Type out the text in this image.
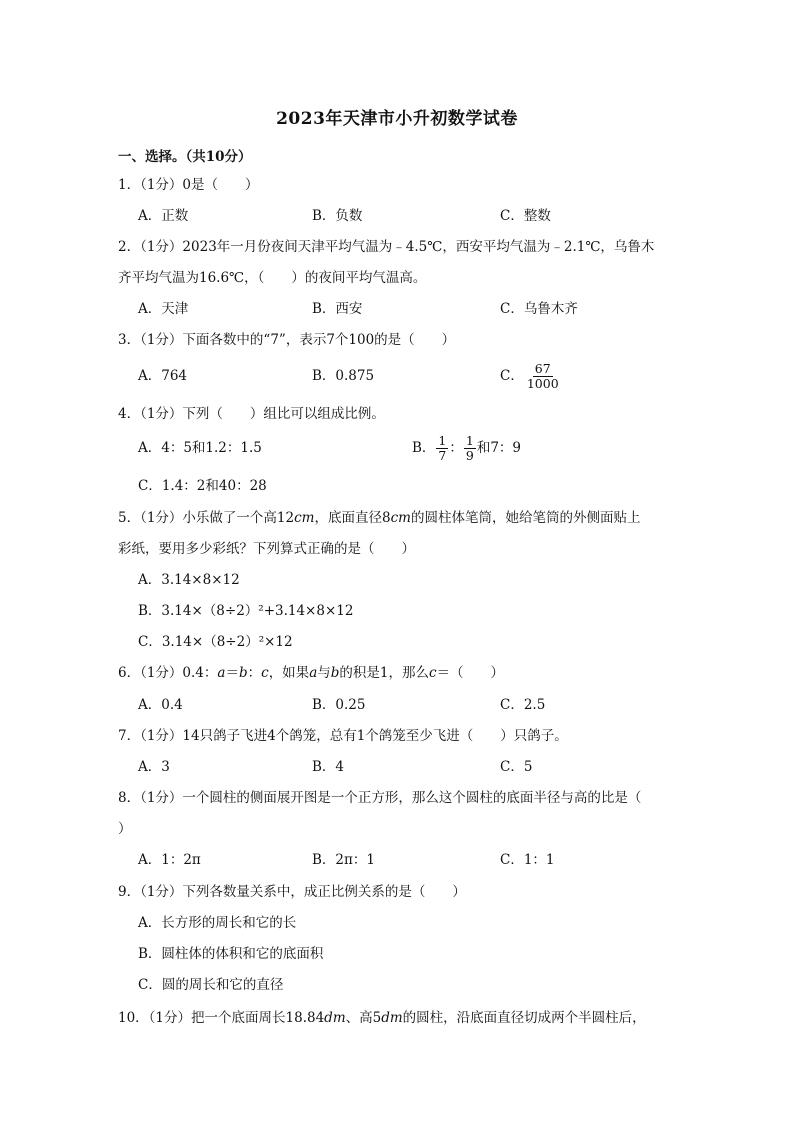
2023年天津市小升初数学试卷
一、选择。（共10分）
1．（1分）0是（　　）
A．正数	B．负数	C．整数
2．（1分）2023年一月份夜间天津平均气温为﹣4.5℃，西安平均气温为﹣2.1℃，乌鲁木
齐平均气温为16.6℃，（　　）的夜间平均气温高。
A．天津	B．西安	C．乌鲁木齐
3．（1分）下面各数中的“7”，表示7个100的是（　　）
A．764	B．0.875	C． $\frac{67}{1000}$
4．（1分）下列（　　）组比可以组成比例。
A．4：5和1.2：1.5	B． $\frac{1}{7}$ ： $\frac{1}{9}$ 和7：9
C．1.4：2和40：28
5．（1分）小乐做了一个高12cm，底面直径8cm的圆柱体笔筒，她给笔筒的外侧面贴上
彩纸，要用多少彩纸？下列算式正确的是（　　）
A．3.14×8×12
B．3.14×（8÷2）²+3.14×8×12
C．3.14×（8÷2）²×12
6．（1分）0.4：a＝b：c，如果a与b的积是1，那么c＝（　　）
A．0.4	B．0.25	C．2.5
7．（1分）14只鸽子飞进4个鸽笼，总有1个鸽笼至少飞进（　　）只鸽子。
A．3	B．4	C．5
8．（1分）一个圆柱的侧面展开图是一个正方形，那么这个圆柱的底面半径与高的比是（
）
A．1：2π	B．2π：1	C．1：1
9．（1分）下列各数量关系中，成正比例关系的是（　　）
A．长方形的周长和它的长
B．圆柱体的体积和它的底面积
C．圆的周长和它的直径
10．（1分）把一个底面周长18.84dm、高5dm的圆柱，沿底面直径切成两个半圆柱后，
